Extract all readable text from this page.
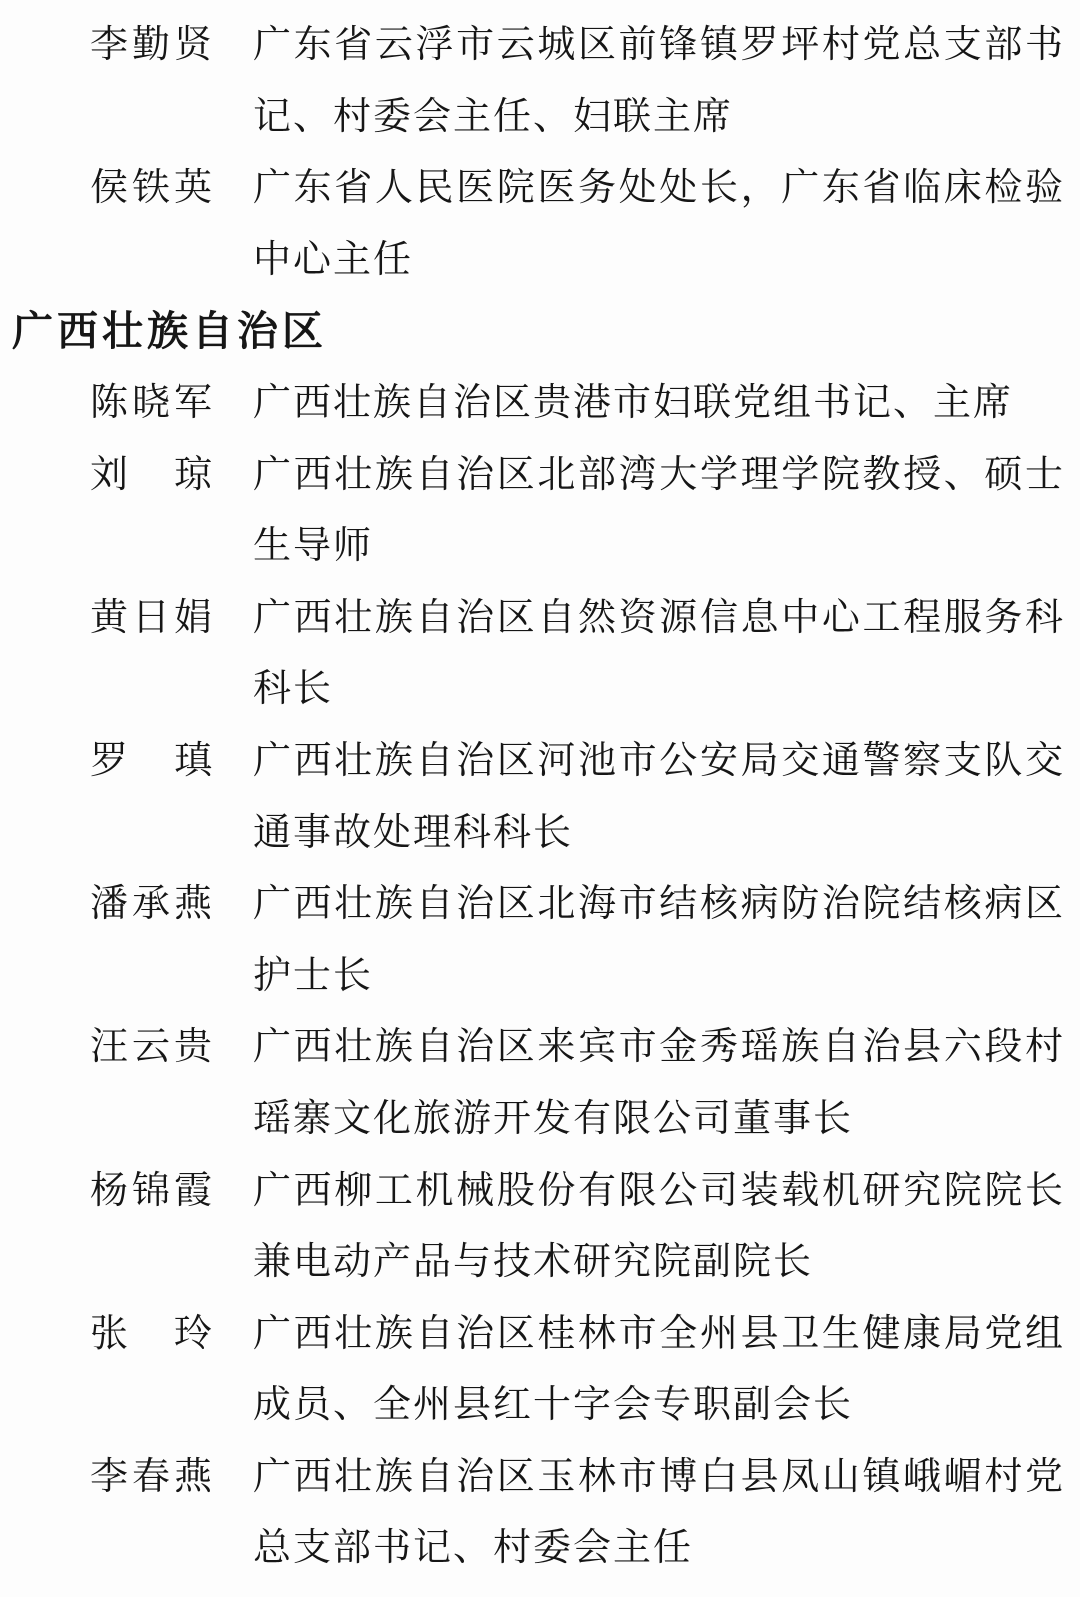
李勤贤 广东省云浮市云城区前锋镇罗坪村党总支部书记、村委会主任、妇联主席
侯铁英 广东省人民医院医务处处长，广东省临床检验中心主任
广西壮族自治区
陈晓军 广西壮族自治区贵港市妇联党组书记、主席
刘琼 广西壮族自治区北部湾大学理学院教授、硕士生导师
黄日娟 广西壮族自治区自然资源信息中心工程服务科科长
罗瑱 广西壮族自治区河池市公安局交通警察支队交通事故处理科科长
潘承燕 广西壮族自治区北海市结核病防治院结核病区护士长
汪云贵 广西壮族自治区来宾市金秀瑶族自治县六段村瑶寨文化旅游开发有限公司董事长
杨锦霞 广西柳工机械股份有限公司装载机研究院院长兼电动产品与技术研究院副院长
张玲 广西壮族自治区桂林市全州县卫生健康局党组成员、全州县红十字会专职副会长
李春燕 广西壮族自治区玉林市博白县凤山镇峨嵋村党总支部书记、村委会主任
